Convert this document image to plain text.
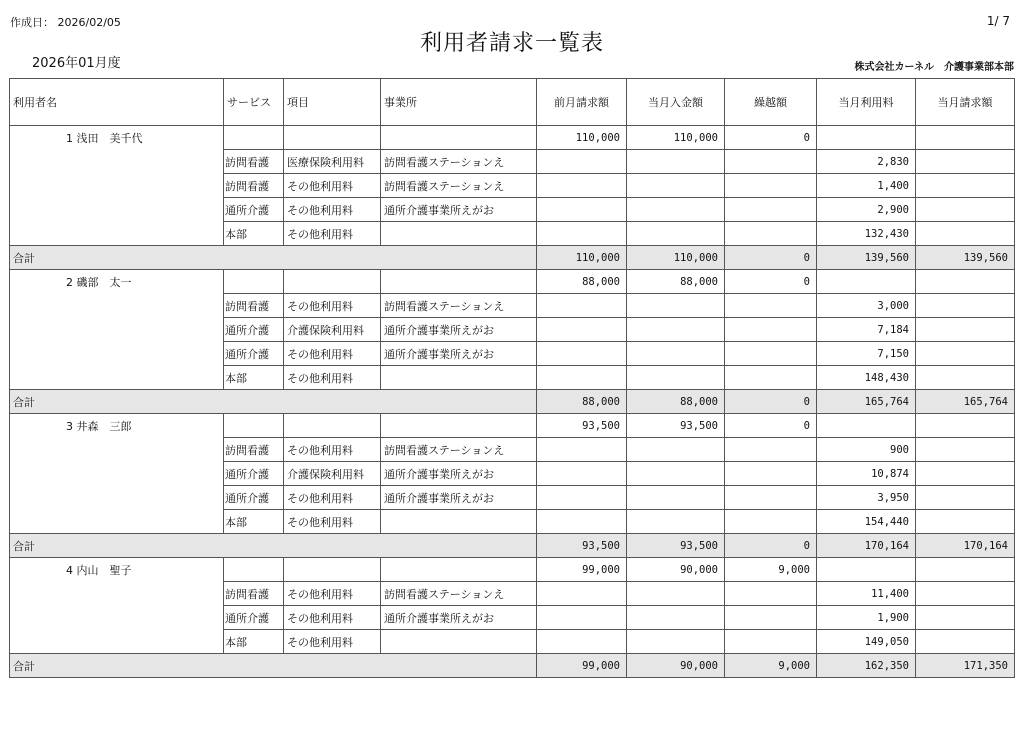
作成日： 2026/02/05
利用者請求一覧表
1/ 7
2026年01月度	株式会社カーネル　介護事業部本部
利用者名	サービス	項目	事業所	前月請求額	当月入金額	繰越額	当月利用料	当月請求額
1 浅田　美千代				110,000	110,000	0		
	訪問看護	医療保険利用料	訪問看護ステーションえ				2,830	
	訪問看護	その他利用料	訪問看護ステーションえ				1,400	
	通所介護	その他利用料	通所介護事業所えがお				2,900	
	本部	その他利用料					132,430	
合計				110,000	110,000	0	139,560	139,560
2 磯部　太一				88,000	88,000	0		
	訪問看護	その他利用料	訪問看護ステーションえ				3,000	
	通所介護	介護保険利用料	通所介護事業所えがお				7,184	
	通所介護	その他利用料	通所介護事業所えがお				7,150	
	本部	その他利用料					148,430	
合計				88,000	88,000	0	165,764	165,764
3 井森　三郎				93,500	93,500	0		
	訪問看護	その他利用料	訪問看護ステーションえ				900	
	通所介護	介護保険利用料	通所介護事業所えがお				10,874	
	通所介護	その他利用料	通所介護事業所えがお				3,950	
	本部	その他利用料					154,440	
合計				93,500	93,500	0	170,164	170,164
4 内山　聖子				99,000	90,000	9,000		
	訪問看護	その他利用料	訪問看護ステーションえ				11,400	
	通所介護	その他利用料	通所介護事業所えがお				1,900	
	本部	その他利用料					149,050	
合計				99,000	90,000	9,000	162,350	171,350
